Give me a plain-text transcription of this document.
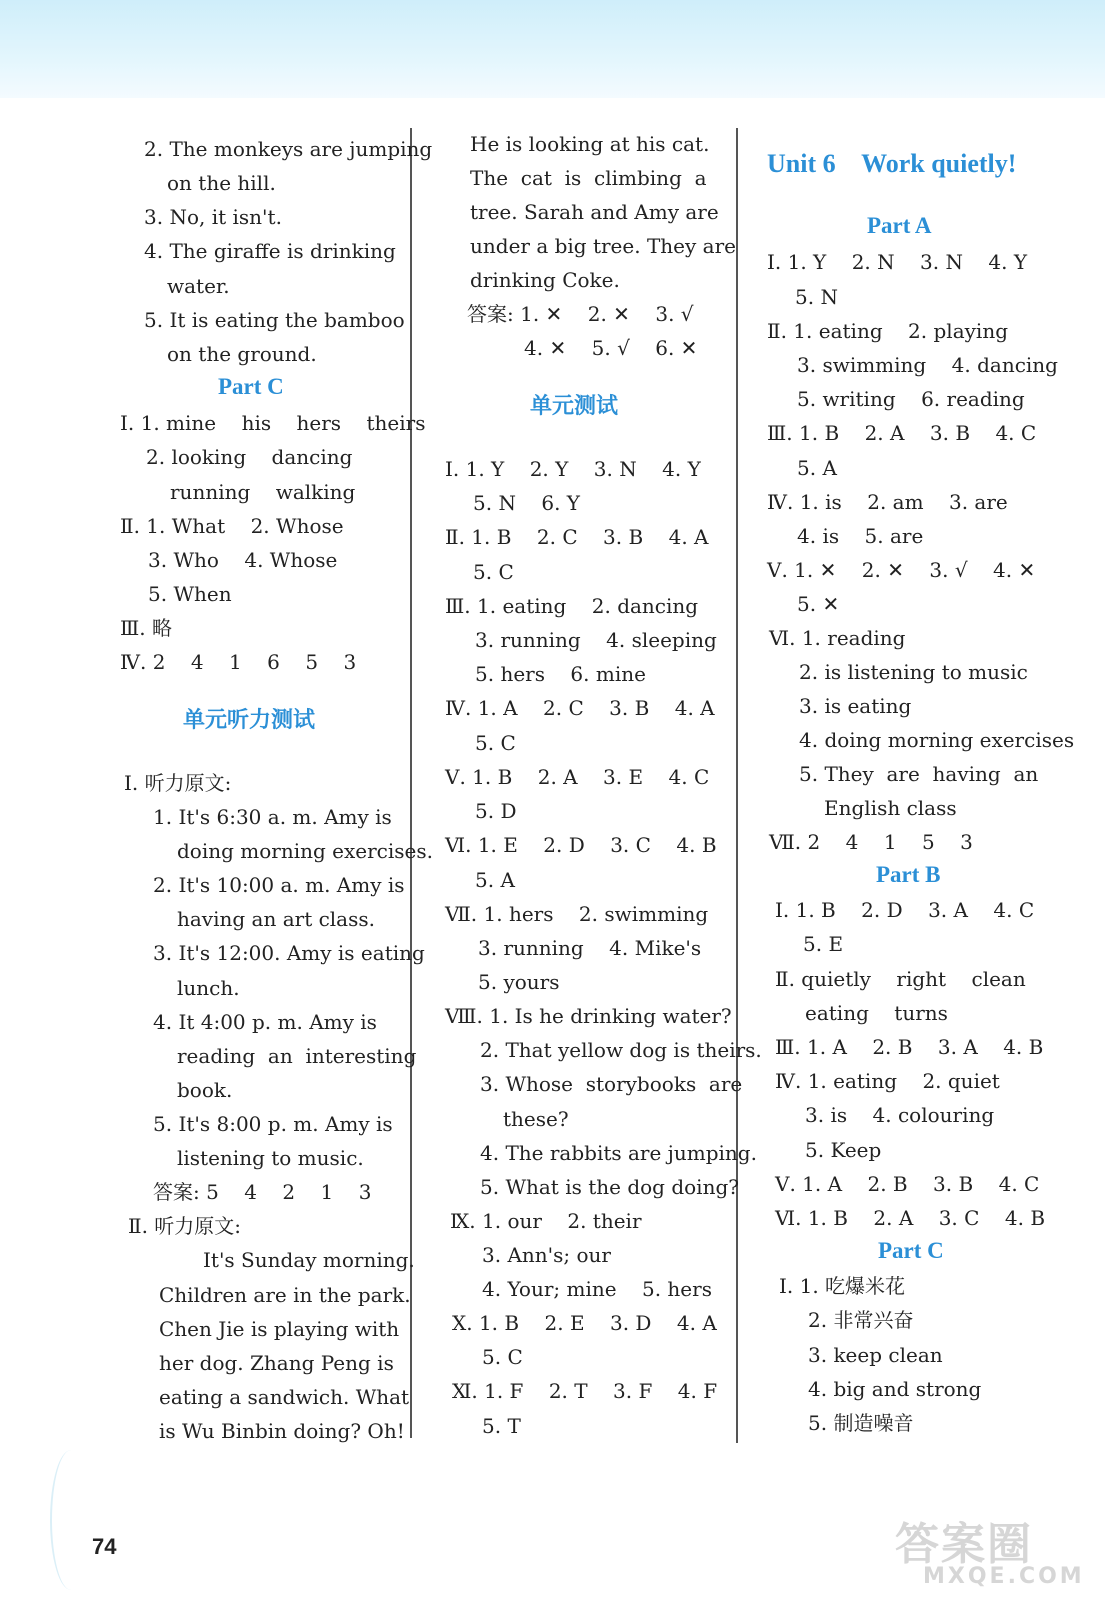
2. The monkeys are jumping
on the hill.
3. No, it isn't.
4. The giraffe is drinking
water.
5. It is eating the bamboo
on the ground.
Part C
Ⅰ. 1. mine    his    hers    theirs
2. looking    dancing
running    walking
Ⅱ. 1. What    2. Whose
3. Who    4. Whose
5. When
Ⅲ. 略
Ⅳ. 2    4    1    6    5    3
单元听力测试
Ⅰ. 听力原文:
1. It's 6:30 a. m. Amy is
doing morning exercises.
2. It's 10:00 a. m. Amy is
having an art class.
3. It's 12:00. Amy is eating
lunch.
4. It 4:00 p. m. Amy is
reading  an  interesting
book.
5. It's 8:00 p. m. Amy is
listening to music.
答案: 5    4    2    1    3
Ⅱ. 听力原文:
It's Sunday morning.
Children are in the park.
Chen Jie is playing with
her dog. Zhang Peng is
eating a sandwich. What
is Wu Binbin doing? Oh!
He is looking at his cat.
The  cat  is  climbing  a
tree. Sarah and Amy are
under a big tree. They are
drinking Coke.
答案: 1. ✕    2. ✕    3. √
4. ✕    5. √    6. ✕
单元测试
Ⅰ. 1. Y    2. Y    3. N    4. Y
5. N    6. Y
Ⅱ. 1. B    2. C    3. B    4. A
5. C
Ⅲ. 1. eating    2. dancing
3. running    4. sleeping
5. hers    6. mine
Ⅳ. 1. A    2. C    3. B    4. A
5. C
Ⅴ. 1. B    2. A    3. E    4. C
5. D
Ⅵ. 1. E    2. D    3. C    4. B
5. A
Ⅶ. 1. hers    2. swimming
3. running    4. Mike's
5. yours
Ⅷ. 1. Is he drinking water?
2. That yellow dog is theirs.
3. Whose  storybooks  are
these?
4. The rabbits are jumping.
5. What is the dog doing?
Ⅸ. 1. our    2. their
3. Ann's; our
4. Your; mine    5. hers
Ⅹ. 1. B    2. E    3. D    4. A
5. C
Ⅺ. 1. F    2. T    3. F    4. F
5. T
Unit 6    Work quietly!
Part A
Ⅰ. 1. Y    2. N    3. N    4. Y
5. N
Ⅱ. 1. eating    2. playing
3. swimming    4. dancing
5. writing    6. reading
Ⅲ. 1. B    2. A    3. B    4. C
5. A
Ⅳ. 1. is    2. am    3. are
4. is    5. are
Ⅴ. 1. ✕    2. ✕    3. √    4. ✕
5. ✕
Ⅵ. 1. reading
2. is listening to music
3. is eating
4. doing morning exercises
5. They  are  having  an
English class
Ⅶ. 2    4    1    5    3
Part B
Ⅰ. 1. B    2. D    3. A    4. C
5. E
Ⅱ. quietly    right    clean
eating    turns
Ⅲ. 1. A    2. B    3. A    4. B
Ⅳ. 1. eating    2. quiet
3. is    4. colouring
5. Keep
Ⅴ. 1. A    2. B    3. B    4. C
Ⅵ. 1. B    2. A    3. C    4. B
Part C
Ⅰ. 1. 吃爆米花
2. 非常兴奋
3. keep clean
4. big and strong
5. 制造噪音
74	答案圈
MXQE.COM
